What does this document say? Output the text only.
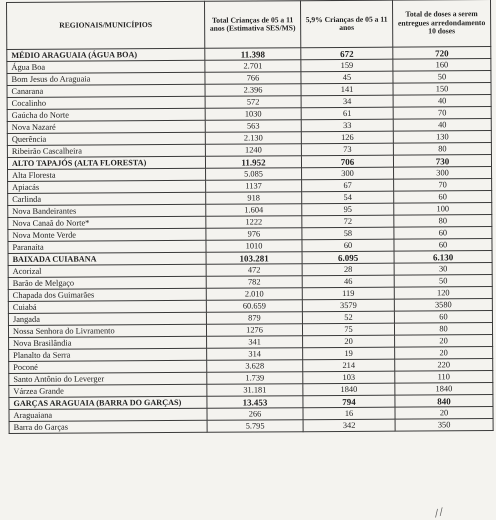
REGIONAIS/MUNICÍPIOS	Total Crianças de 05 a 11 anos (Estimativa SES/MS)	5,9% Crianças de 05 a 11 anos	Total de doses a serem entregues arredondamento 10 doses
MÉDIO ARAGUAIA (ÁGUA BOA)	11.398	672	720
Água Boa	2.701	159	160
Bom Jesus do Araguaia	766	45	50
Canarana	2.396	141	150
Cocalinho	572	34	40
Gaúcha do Norte	1030	61	70
Nova Nazaré	563	33	40
Querência	2.130	126	130
Ribeirão Cascalheira	1240	73	80
ALTO TAPAJÓS (ALTA FLORESTA)	11.952	706	730
Alta Floresta	5.085	300	300
Apiacás	1137	67	70
Carlinda	918	54	60
Nova Bandeirantes	1.604	95	100
Nova Canaã do Norte*	1222	72	80
Nova Monte Verde	976	58	60
Paranaíta	1010	60	60
BAIXADA CUIABANA	103.281	6.095	6.130
Acorizal	472	28	30
Barão de Melgaço	782	46	50
Chapada dos Guimarães	2.010	119	120
Cuiabá	60.659	3579	3580
Jangada	879	52	60
Nossa Senhora do Livramento	1276	75	80
Nova Brasilândia	341	20	20
Planalto da Serra	314	19	20
Poconé	3.628	214	220
Santo Antônio do Leverger	1.739	103	110
Várzea Grande	31.181	1840	1840
GARÇAS ARAGUAIA (BARRA DO GARÇAS)	13.453	794	840
Araguaiana	266	16	20
Barra do Garças	5.795	342	350
⁄ ⁄
